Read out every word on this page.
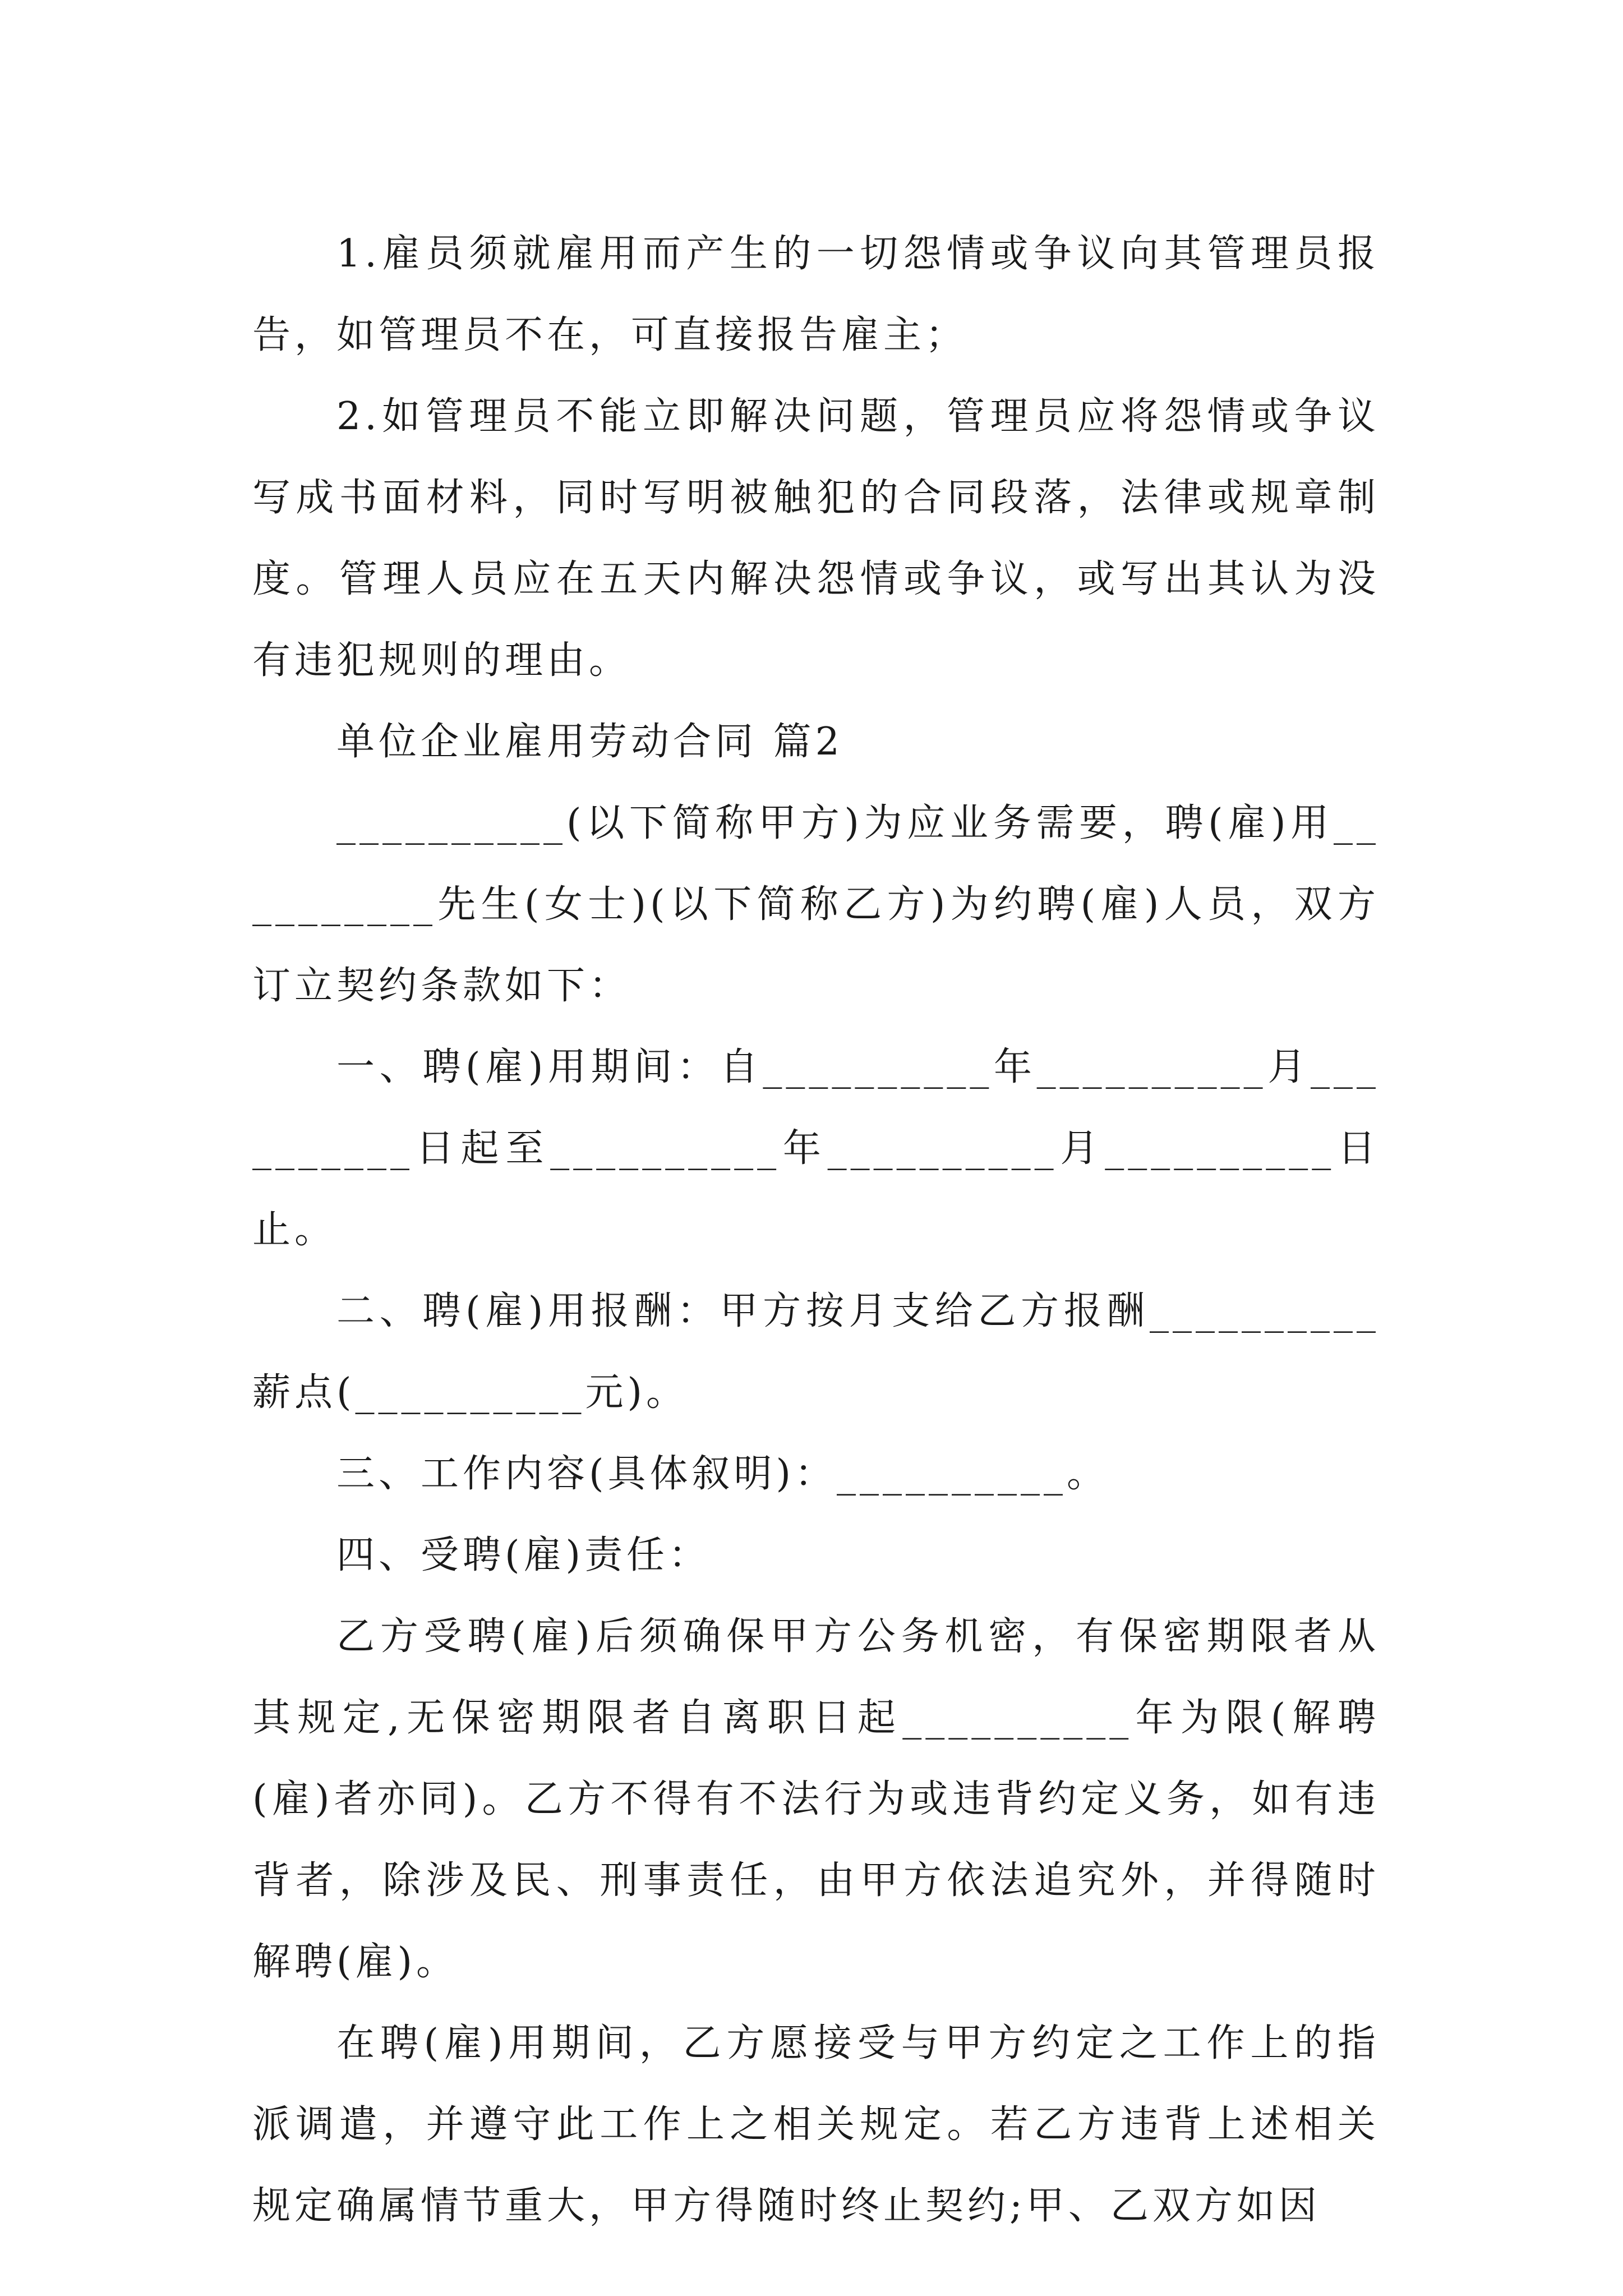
1.雇员须就雇用而产生的一切怨情或争议向其管理员报告，如管理员不在，可直接报告雇主；

2.如管理员不能立即解决问题，管理员应将怨情或争议写成书面材料，同时写明被触犯的合同段落，法律或规章制度。管理人员应在五天内解决怨情或争议，或写出其认为没有违犯规则的理由。

单位企业雇用劳动合同 篇2

__________(以下简称甲方)为应业务需要，聘(雇)用__________先生(女士)(以下简称乙方)为约聘(雇)人员，双方订立契约条款如下：

一、聘(雇)用期间：自__________年__________月__________日起至__________年__________月__________日止。

二、聘(雇)用报酬：甲方按月支给乙方报酬__________薪点(__________元)。

三、工作内容(具体叙明)：__________。

四、受聘(雇)责任：

乙方受聘(雇)后须确保甲方公务机密，有保密期限者从其规定,无保密期限者自离职日起__________年为限(解聘(雇)者亦同)。乙方不得有不法行为或违背约定义务，如有违背者，除涉及民、刑事责任，由甲方依法追究外，并得随时解聘(雇)。

在聘(雇)用期间，乙方愿接受与甲方约定之工作上的指派调遣，并遵守此工作上之相关规定。若乙方违背上述相关规定确属情节重大，甲方得随时终止契约;甲、乙双方如因
